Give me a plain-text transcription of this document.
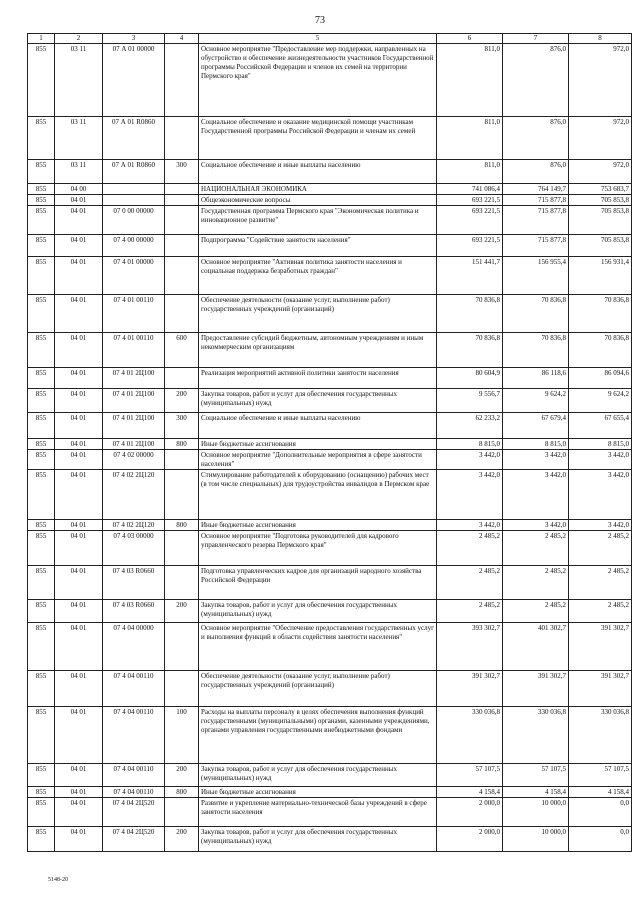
73
1	2	3	4	5	6	7	8
855	03 11	07 А 01 00000		Основное мероприятие "Предоставление мер поддержки, направленных на обустройство и обеспечение жизнедеятельности участников Государственной программы Российской Федерации и членов их семей на территории Пермского края"	811,0	876,0	972,0
855	03 11	07 А 01 R0860		Социальное обеспечение и оказание медицинской помощи участникам Государственной программы Российской Федерации и членам их семей	811,0	876,0	972,0
855	03 11	07 А 01 R0860	300	Социальное обеспечение и иные выплаты населению	811,0	876,0	972,0
855	04 00			НАЦИОНАЛЬНАЯ ЭКОНОМИКА	741 086,4	764 149,7	753 683,7
855	04 01			Общеэкономические вопросы	693 221,5	715 877,8	705 853,8
855	04 01	07 0 00 00000		Государственная программа Пермского края "Экономическая политика и инновационное развитие"	693 221,5	715 877,8	705 853,8
855	04 01	07 4 00 00000		Подпрограмма "Содействие занятости населения"	693 221,5	715 877,8	705 853,8
855	04 01	07 4 01 00000		Основное мероприятие "Активная политика занятости населения и социальная поддержка безработных граждан"	151 441,7	156 955,4	156 931,4
855	04 01	07 4 01 00110		Обеспечение деятельности (оказание услуг, выполнение работ) государственных учреждений (организаций)	70 836,8	70 836,8	70 836,8
855	04 01	07 4 01 00110	600	Предоставление субсидий бюджетным, автономным учреждениям и иным некоммерческим организациям	70 836,8	70 836,8	70 836,8
855	04 01	07 4 01 2Ц100		Реализация мероприятий активной политики занятости населения	80 604,9	86 118,6	86 094,6
855	04 01	07 4 01 2Ц100	200	Закупка товаров, работ и услуг для обеспечения государственных (муниципальных) нужд	9 556,7	9 624,2	9 624,2
855	04 01	07 4 01 2Ц100	300	Социальное обеспечение и иные выплаты населению	62 233,2	67 679,4	67 655,4
855	04 01	07 4 01 2Ц100	800	Иные бюджетные ассигнования	8 815,0	8 815,0	8 815,0
855	04 01	07 4 02 00000		Основное мероприятие "Дополнительные мероприятия в сфере занятости населения"	3 442,0	3 442,0	3 442,0
855	04 01	07 4 02 2Ц120		Стимулирование работодателей к оборудованию (оснащению) рабочих мест (в том числе специальных) для трудоустройства инвалидов в Пермском крае	3 442,0	3 442,0	3 442,0
855	04 01	07 4 02 2Ц120	800	Иные бюджетные ассигнования	3 442,0	3 442,0	3 442,0
855	04 01	07 4 03 00000		Основное мероприятие "Подготовка руководителей для кадрового управленческого резерва Пермского края"	2 485,2	2 485,2	2 485,2
855	04 01	07 4 03 R0660		Подготовка управленческих кадров для организаций народного хозяйства Российской Федерации	2 485,2	2 485,2	2 485,2
855	04 01	07 4 03 R0660	200	Закупка товаров, работ и услуг для обеспечения государственных (муниципальных) нужд	2 485,2	2 485,2	2 485,2
855	04 01	07 4 04 00000		Основное мероприятие "Обеспечение предоставления государственных услуг и выполнения функций в области содействия занятости населения"	393 302,7	401 302,7	391 302,7
855	04 01	07 4 04 00110		Обеспечение деятельности (оказание услуг, выполнение работ) государственных учреждений (организаций)	391 302,7	391 302,7	391 302,7
855	04 01	07 4 04 00110	100	Расходы на выплаты персоналу в целях обеспечения выполнения функций государственными (муниципальными) органами, казенными учреждениями, органами управления государственными внебюджетными фондами	330 036,8	330 036,8	330 036,8
855	04 01	07 4 04 00110	200	Закупка товаров, работ и услуг для обеспечения государственных (муниципальных) нужд	57 107,5	57 107,5	57 107,5
855	04 01	07 4 04 00110	800	Иные бюджетные ассигнования	4 158,4	4 158,4	4 158,4
855	04 01	07 4 04 2Ц520		Развитие и укрепление материально-технической базы учреждений в сфере занятости населения	2 000,0	10 000,0	0,0
855	04 01	07 4 04 2Ц520	200	Закупка товаров, работ и услуг для обеспечения государственных (муниципальных) нужд	2 000,0	10 000,0	0,0
5148-20
